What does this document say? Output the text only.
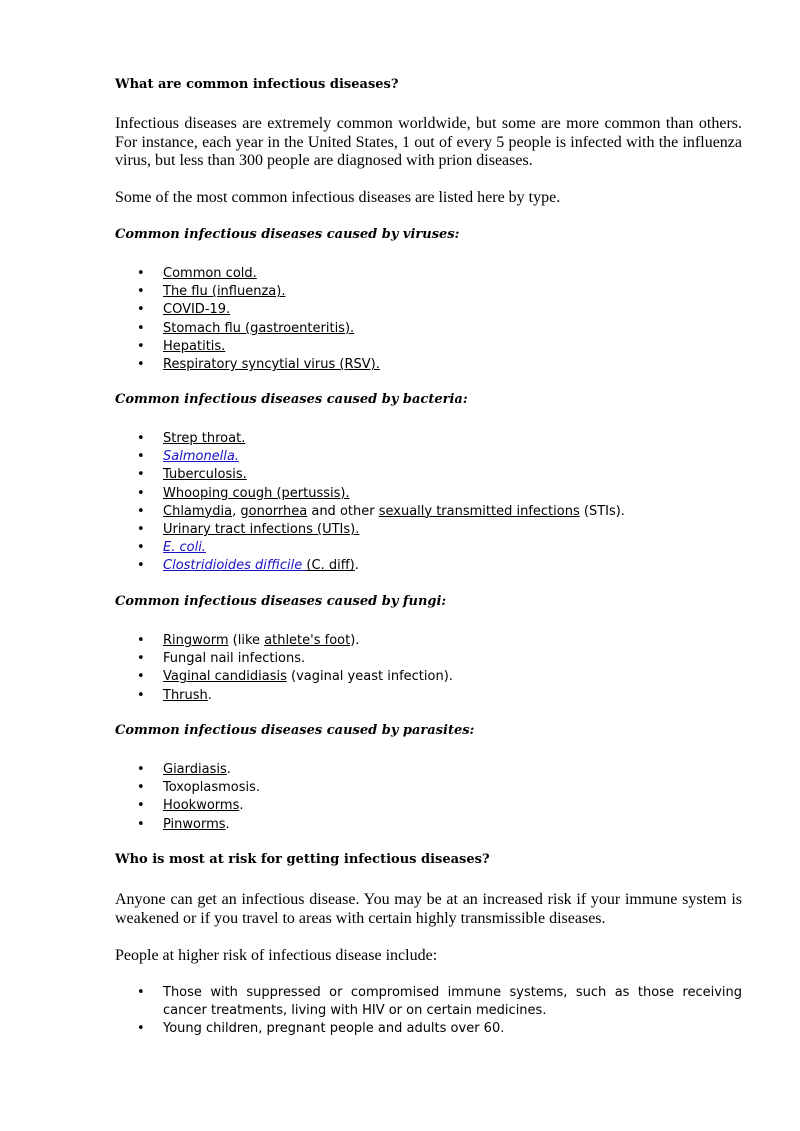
What are common infectious diseases?

Infectious diseases are extremely common worldwide, but some are more common than others. For instance, each year in the United States, 1 out of every 5 people is infected with the influenza virus, but less than 300 people are diagnosed with prion diseases.

Some of the most common infectious diseases are listed here by type.

Common infectious diseases caused by viruses:
• Common cold.
• The flu (influenza).
• COVID-19.
• Stomach flu (gastroenteritis).
• Hepatitis.
• Respiratory syncytial virus (RSV).
Common infectious diseases caused by bacteria:
• Strep throat.
• Salmonella.
• Tuberculosis.
• Whooping cough (pertussis).
• Chlamydia, gonorrhea and other sexually transmitted infections (STIs).
• Urinary tract infections (UTIs).
• E. coli.
• Clostridioides difficile (C. diff).
Common infectious diseases caused by fungi:
• Ringworm (like athlete's foot).
• Fungal nail infections.
• Vaginal candidiasis (vaginal yeast infection).
• Thrush.
Common infectious diseases caused by parasites:
• Giardiasis.
• Toxoplasmosis.
• Hookworms.
• Pinworms.
Who is most at risk for getting infectious diseases?

Anyone can get an infectious disease. You may be at an increased risk if your immune system is weakened or if you travel to areas with certain highly transmissible diseases.

People at higher risk of infectious disease include:

• Those with suppressed or compromised immune systems, such as those receiving cancer treatments, living with HIV or on certain medicines.
• Young children, pregnant people and adults over 60.
